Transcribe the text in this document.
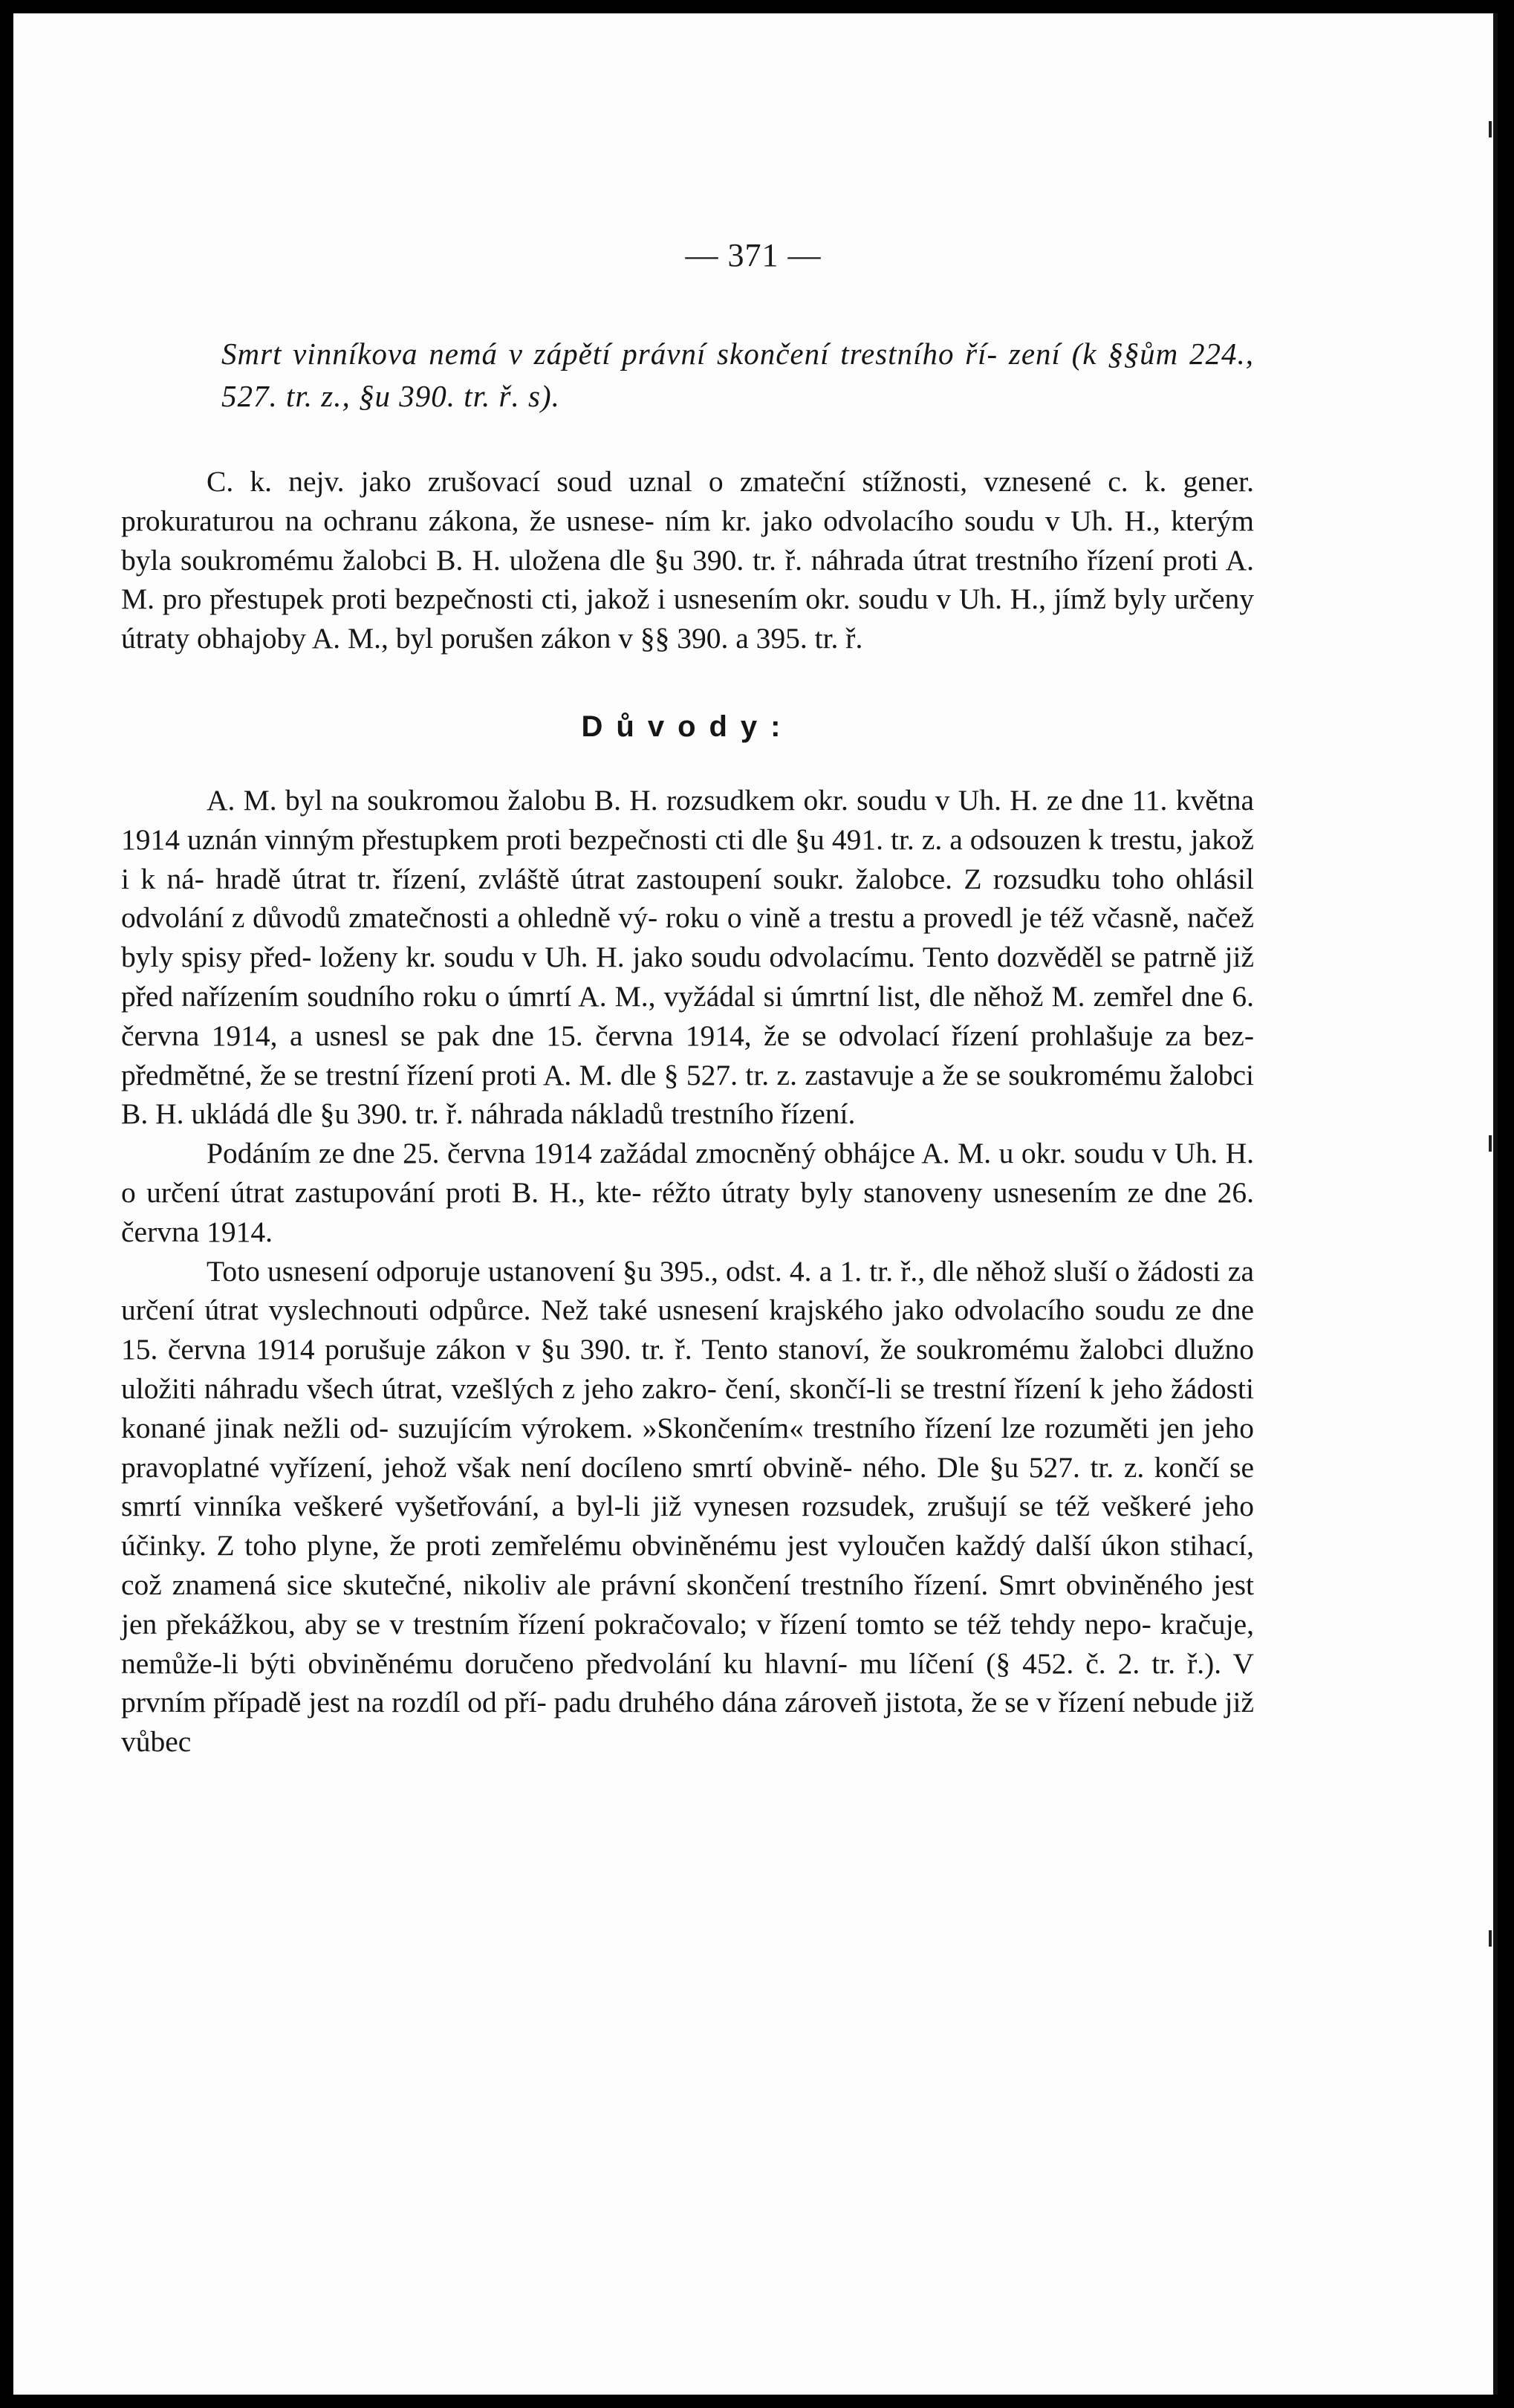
— 371 —

Smrt vinníkova nemá v zápětí právní skončení trestního ří- zení (k §§ům 224., 527. tr. z., §u 390. tr. ř. s).

C. k. nejv. jako zrušovací soud uznal o zmateční stížnosti, vznesené c. k. gener. prokuraturou na ochranu zákona, že usnese- ním kr. jako odvolacího soudu v Uh. H., kterým byla soukromému žalobci B. H. uložena dle §u 390. tr. ř. náhrada útrat trestního řízení proti A. M. pro přestupek proti bezpečnosti cti, jakož i usnesením okr. soudu v Uh. H., jímž byly určeny útraty obhajoby A. M., byl porušen zákon v §§ 390. a 395. tr. ř.

Důvody:

A. M. byl na soukromou žalobu B. H. rozsudkem okr. soudu v Uh. H. ze dne 11. května 1914 uznán vinným přestupkem proti bezpečnosti cti dle §u 491. tr. z. a odsouzen k trestu, jakož i k ná- hradě útrat tr. řízení, zvláště útrat zastoupení soukr. žalobce. Z rozsudku toho ohlásil odvolání z důvodů zmatečnosti a ohledně vý- roku o vině a trestu a provedl je též včasně, načež byly spisy před- loženy kr. soudu v Uh. H. jako soudu odvolacímu. Tento dozvěděl se patrně již před nařízením soudního roku o úmrtí A. M., vyžádal si úmrtní list, dle něhož M. zemřel dne 6. června 1914, a usnesl se pak dne 15. června 1914, že se odvolací řízení prohlašuje za bez- předmětné, že se trestní řízení proti A. M. dle § 527. tr. z. zastavuje a že se soukromému žalobci B. H. ukládá dle §u 390. tr. ř. náhrada nákladů trestního řízení.

Podáním ze dne 25. června 1914 zažádal zmocněný obhájce A. M. u okr. soudu v Uh. H. o určení útrat zastupování proti B. H., kte- réžto útraty byly stanoveny usnesením ze dne 26. června 1914.

Toto usnesení odporuje ustanovení §u 395., odst. 4. a 1. tr. ř., dle něhož sluší o žádosti za určení útrat vyslechnouti odpůrce. Než také usnesení krajského jako odvolacího soudu ze dne 15. června 1914 porušuje zákon v §u 390. tr. ř. Tento stanoví, že soukromému žalobci dlužno uložiti náhradu všech útrat, vzešlých z jeho zakro- čení, skončí-li se trestní řízení k jeho žádosti konané jinak nežli od- suzujícím výrokem. »Skončením« trestního řízení lze rozuměti jen jeho pravoplatné vyřízení, jehož však není docíleno smrtí obvině- ného. Dle §u 527. tr. z. končí se smrtí vinníka veškeré vyšetřování, a byl-li již vynesen rozsudek, zrušují se též veškeré jeho účinky. Z toho plyne, že proti zemřelému obviněnému jest vyloučen každý další úkon stihací, což znamená sice skutečné, nikoliv ale právní skončení trestního řízení. Smrt obviněného jest jen překážkou, aby se v trestním řízení pokračovalo; v řízení tomto se též tehdy nepo- kračuje, nemůže-li býti obviněnému doručeno předvolání ku hlavní- mu líčení (§ 452. č. 2. tr. ř.). V prvním případě jest na rozdíl od pří- padu druhého dána zároveň jistota, že se v řízení nebude již vůbec
